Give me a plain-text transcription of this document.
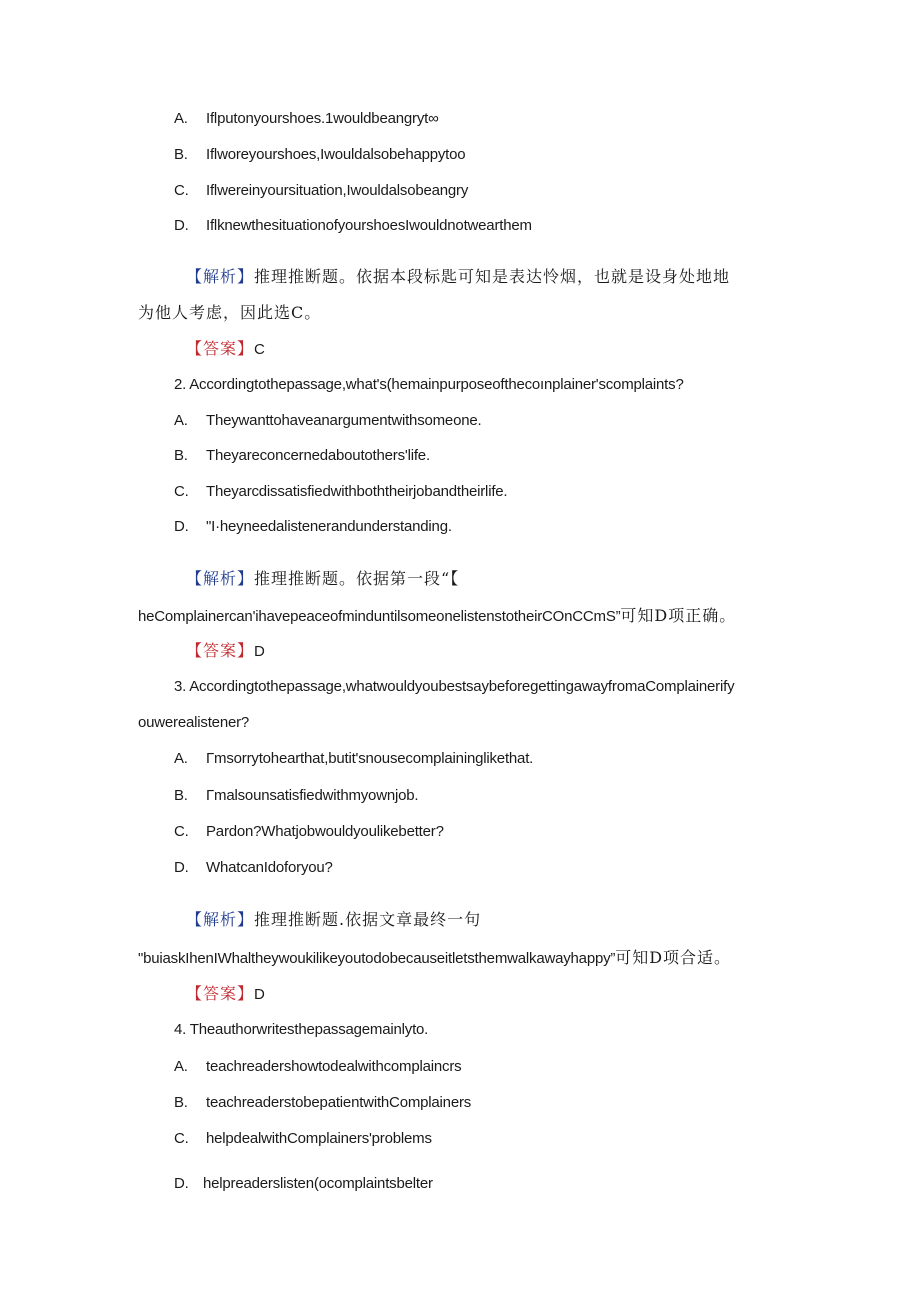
A. Iflputonyourshoes.1wouldbeangryt∞
B. Iflworeyourshoes,Iwouldalsobehappytoo
C. Iflwereinyoursituation,Iwouldalsobeangry
D. IflknewthesituationofyourshoesIwouldnotwearthem
【解析】推理推断题。依据本段标匙可知是表达怜烟，也就是设身处地地
为他人考虑，因此选C。
【答案】C
2. Accordingtothepassage,what's(hemainpurposeofthecoınplainer'scomplaints?
A. Theywanttohaveanargumentwithsomeone.
B. Theyareconcernedaboutothers'life.
C. Theyarcdissatisfiedwithboththeirjobandtheirlife.
D. "I·heyneedalistenerandunderstanding.
【解析】推理推断题。依据第一段“【
heComplainercan'ihavepeaceofminduntilsomeonelistenstotheirCOnCCmS”可知D项正确。
【答案】D
3. Accordingtothepassage,whatwouldyoubestsaybeforegettingawayfromaComplainerify
ouwerealistener?
A. Γmsorrytohearthat,butit'snousecomplaininglikethat.
B. Γmalsounsatisfiedwithmyownjob.
C. Pardon?Whatjobwouldyoulikebetter?
D. WhatcanIdoforyou?
【解析】推理推断题.依据文章最终一句
"buiaskIhenIWhaltheywoukilikeyoutodobecauseitletsthemwalkawayhappy”可知D项合适。
【答案】D
4. Theauthorwritesthepassagemainlyto.
A. teachreadershowtodealwithcomplaincrs
B. teachreaderstobepatientwithComplainers
C. helpdealwithComplainers'problems
D. helpreaderslisten(ocomplaintsbelter
